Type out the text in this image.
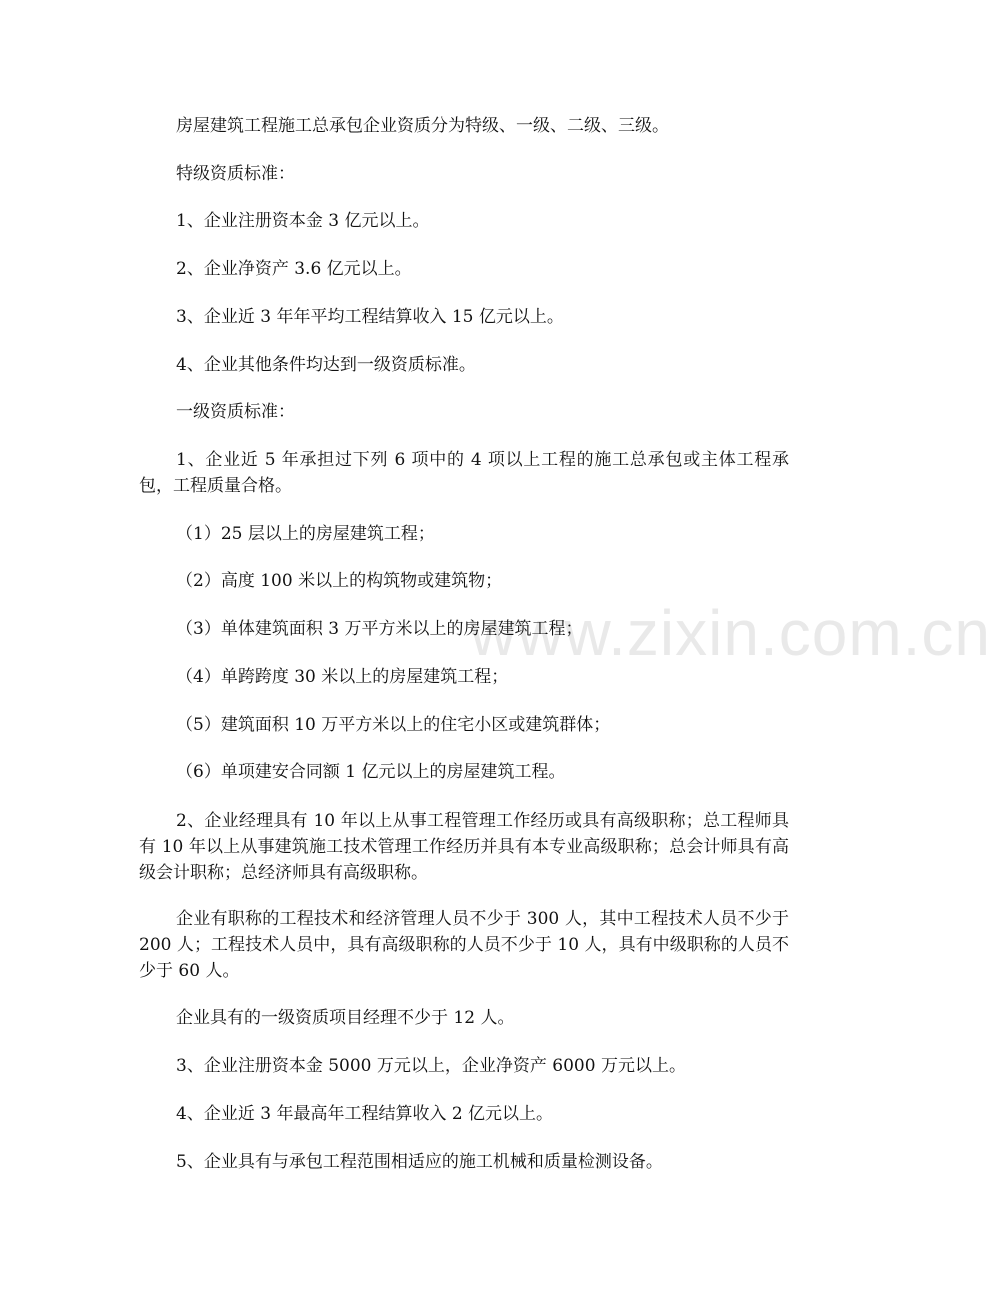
www.zixin.com.cn
房屋建筑工程施工总承包企业资质分为特级、一级、二级、三级。
特级资质标准：
1、企业注册资本金 3 亿元以上。
2、企业净资产 3.6 亿元以上。
3、企业近 3 年年平均工程结算收入 15 亿元以上。
4、企业其他条件均达到一级资质标准。
一级资质标准：
1、企业近 5 年承担过下列 6 项中的 4 项以上工程的施工总承包或主体工程承包，工程质量合格。
（1）25 层以上的房屋建筑工程；
（2）高度 100 米以上的构筑物或建筑物；
（3）单体建筑面积 3 万平方米以上的房屋建筑工程；
（4）单跨跨度 30 米以上的房屋建筑工程；
（5）建筑面积 10 万平方米以上的住宅小区或建筑群体；
（6）单项建安合同额 1 亿元以上的房屋建筑工程。
2、企业经理具有 10 年以上从事工程管理工作经历或具有高级职称；总工程师具有 10 年以上从事建筑施工技术管理工作经历并具有本专业高级职称；总会计师具有高级会计职称；总经济师具有高级职称。
企业有职称的工程技术和经济管理人员不少于 300 人，其中工程技术人员不少于 200 人；工程技术人员中，具有高级职称的人员不少于 10 人，具有中级职称的人员不少于 60 人。
企业具有的一级资质项目经理不少于 12 人。
3、企业注册资本金 5000 万元以上，企业净资产 6000 万元以上。
4、企业近 3 年最高年工程结算收入 2 亿元以上。
5、企业具有与承包工程范围相适应的施工机械和质量检测设备。
